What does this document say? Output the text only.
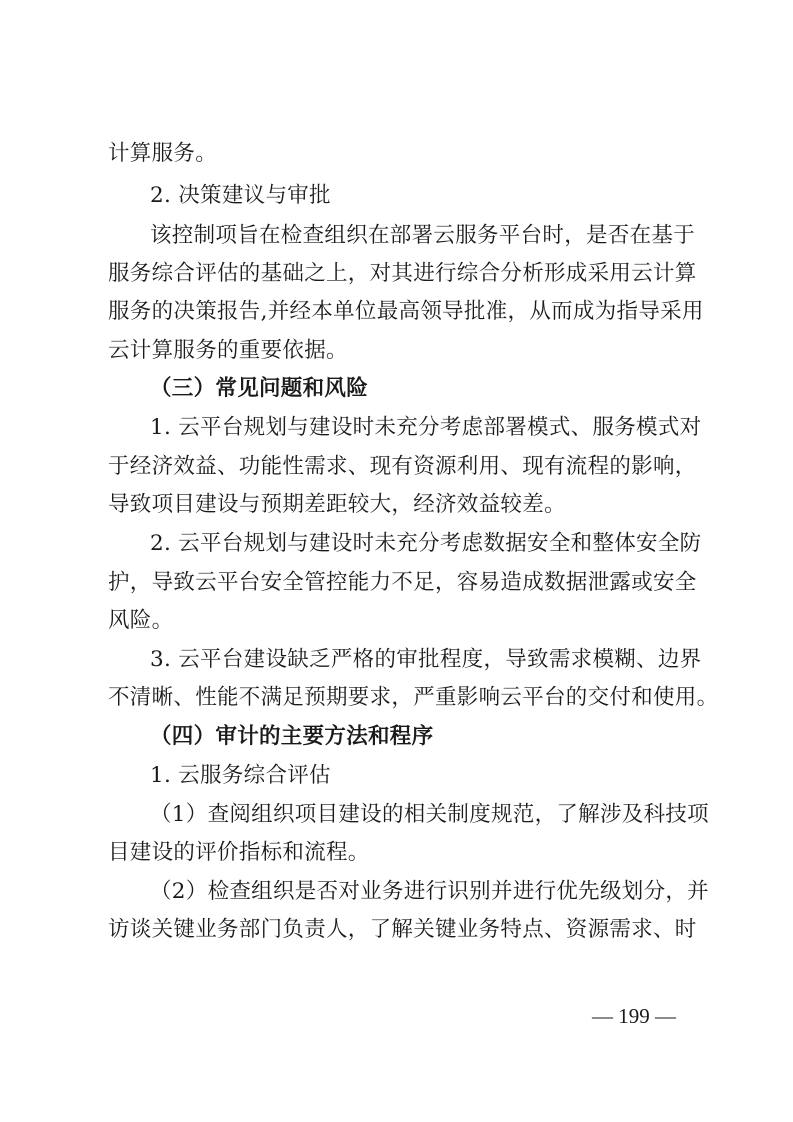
计算服务。
2. 决策建议与审批
该控制项旨在检查组织在部署云服务平台时，是否在基于
服务综合评估的基础之上，对其进行综合分析形成采用云计算
服务的决策报告,并经本单位最高领导批准，从而成为指导采用
云计算服务的重要依据。
（三）常见问题和风险
1. 云平台规划与建设时未充分考虑部署模式、服务模式对
于经济效益、功能性需求、现有资源利用、现有流程的影响，
导致项目建设与预期差距较大，经济效益较差。
2. 云平台规划与建设时未充分考虑数据安全和整体安全防
护，导致云平台安全管控能力不足，容易造成数据泄露或安全
风险。
3. 云平台建设缺乏严格的审批程度，导致需求模糊、边界
不清晰、性能不满足预期要求，严重影响云平台的交付和使用。
（四）审计的主要方法和程序
1. 云服务综合评估
（1）查阅组织项目建设的相关制度规范，了解涉及科技项
目建设的评价指标和流程。
（2）检查组织是否对业务进行识别并进行优先级划分，并
访谈关键业务部门负责人，了解关键业务特点、资源需求、时
— 199 —
